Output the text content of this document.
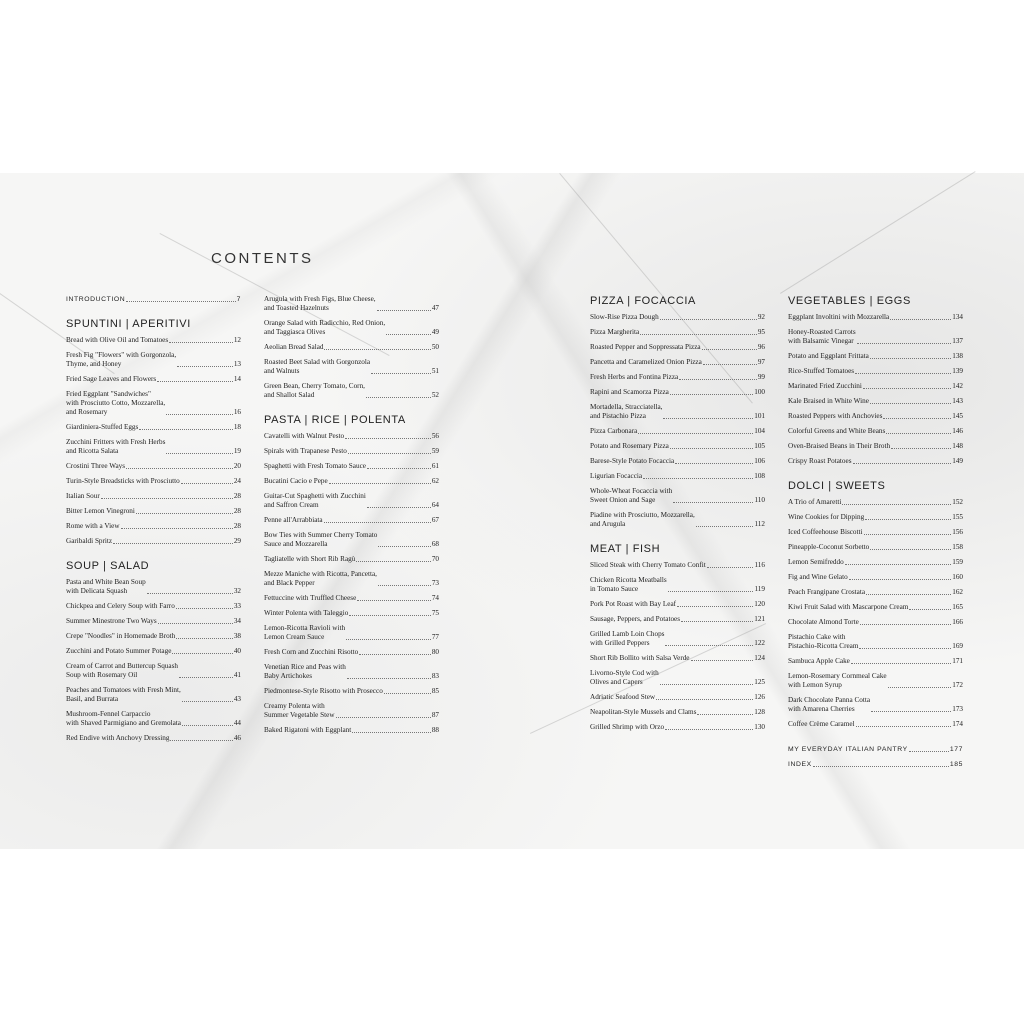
CONTENTS
INTRODUCTION	7
SPUNTINI | APERITIVI
Bread with Olive Oil and Tomatoes	12
Fresh Fig "Flowers" with Gorgonzola,
Thyme, and Honey	13
Fried Sage Leaves and Flowers	14
Fried Eggplant "Sandwiches"
with Prosciutto Cotto, Mozzarella,
and Rosemary	16
Giardiniera-Stuffed Eggs	18
Zucchini Fritters with Fresh Herbs
and Ricotta Salata	19
Crostini Three Ways	20
Turin-Style Breadsticks with Prosciutto	24
Italian Sour	28
Bitter Lemon Vinegroni	28
Rome with a View	28
Garibaldi Spritz	29
SOUP | SALAD
Pasta and White Bean Soup
with Delicata Squash	32
Chickpea and Celery Soup with Farro	33
Summer Minestrone Two Ways	34
Crepe "Noodles" in Homemade Broth	38
Zucchini and Potato Summer Potage	40
Cream of Carrot and Buttercup Squash
Soup with Rosemary Oil	41
Peaches and Tomatoes with Fresh Mint,
Basil, and Burrata	43
Mushroom-Fennel Carpaccio
with Shaved Parmigiano and Gremolata	44
Red Endive with Anchovy Dressing	46
Arugula with Fresh Figs, Blue Cheese,
and Toasted Hazelnuts	47
Orange Salad with Radicchio, Red Onion,
and Taggiasca Olives	49
Aeolian Bread Salad	50
Roasted Beet Salad with Gorgonzola
and Walnuts	51
Green Bean, Cherry Tomato, Corn,
and Shallot Salad	52
PASTA | RICE | POLENTA
Cavatelli with Walnut Pesto	56
Spirals with Trapanese Pesto	59
Spaghetti with Fresh Tomato Sauce	61
Bucatini Cacio e Pepe	62
Guitar-Cut Spaghetti with Zucchini
and Saffron Cream	64
Penne all'Arrabbiata	67
Bow Ties with Summer Cherry Tomato
Sauce and Mozzarella	68
Tagliatelle with Short Rib Ragù	70
Mezze Maniche with Ricotta, Pancetta,
and Black Pepper	73
Fettuccine with Truffled Cheese	74
Winter Polenta with Taleggio	75
Lemon-Ricotta Ravioli with
Lemon Cream Sauce	77
Fresh Corn and Zucchini Risotto	80
Venetian Rice and Peas with
Baby Artichokes	83
Piedmontese-Style Risotto with Prosecco	85
Creamy Polenta with
Summer Vegetable Stew	87
Baked Rigatoni with Eggplant	88
PIZZA | FOCACCIA
Slow-Rise Pizza Dough	92
Pizza Margherita	95
Roasted Pepper and Soppressata Pizza	96
Pancetta and Caramelized Onion Pizza	97
Fresh Herbs and Fontina Pizza	99
Rapini and Scamorza Pizza	100
Mortadella, Stracciatella,
and Pistachio Pizza	101
Pizza Carbonara	104
Potato and Rosemary Pizza	105
Barese-Style Potato Focaccia	106
Ligurian Focaccia	108
Whole-Wheat Focaccia with
Sweet Onion and Sage	110
Piadine with Prosciutto, Mozzarella,
and Arugula	112
MEAT | FISH
Sliced Steak with Cherry Tomato Confit	116
Chicken Ricotta Meatballs
in Tomato Sauce	119
Pork Pot Roast with Bay Leaf	120
Sausage, Peppers, and Potatoes	121
Grilled Lamb Loin Chops
with Grilled Peppers	122
Short Rib Bollito with Salsa Verde	124
Livorno-Style Cod with
Olives and Capers	125
Adriatic Seafood Stew	126
Neapolitan-Style Mussels and Clams	128
Grilled Shrimp with Orzo	130
VEGETABLES | EGGS
Eggplant Involtini with Mozzarella	134
Honey-Roasted Carrots
with Balsamic Vinegar	137
Potato and Eggplant Frittata	138
Rice-Stuffed Tomatoes	139
Marinated Fried Zucchini	142
Kale Braised in White Wine	143
Roasted Peppers with Anchovies	145
Colorful Greens and White Beans	146
Oven-Braised Beans in Their Broth	148
Crispy Roast Potatoes	149
DOLCI | SWEETS
A Trio of Amaretti	152
Wine Cookies for Dipping	155
Iced Coffeehouse Biscotti	156
Pineapple-Coconut Sorbetto	158
Lemon Semifreddo	159
Fig and Wine Gelato	160
Peach Frangipane Crostata	162
Kiwi Fruit Salad with Mascarpone Cream	165
Chocolate Almond Torte	166
Pistachio Cake with
Pistachio-Ricotta Cream	169
Sambuca Apple Cake	171
Lemon-Rosemary Cornmeal Cake
with Lemon Syrup	172
Dark Chocolate Panna Cotta
with Amarena Cherries	173
Coffee Crème Caramel	174
MY EVERYDAY ITALIAN PANTRY	177
INDEX	185
